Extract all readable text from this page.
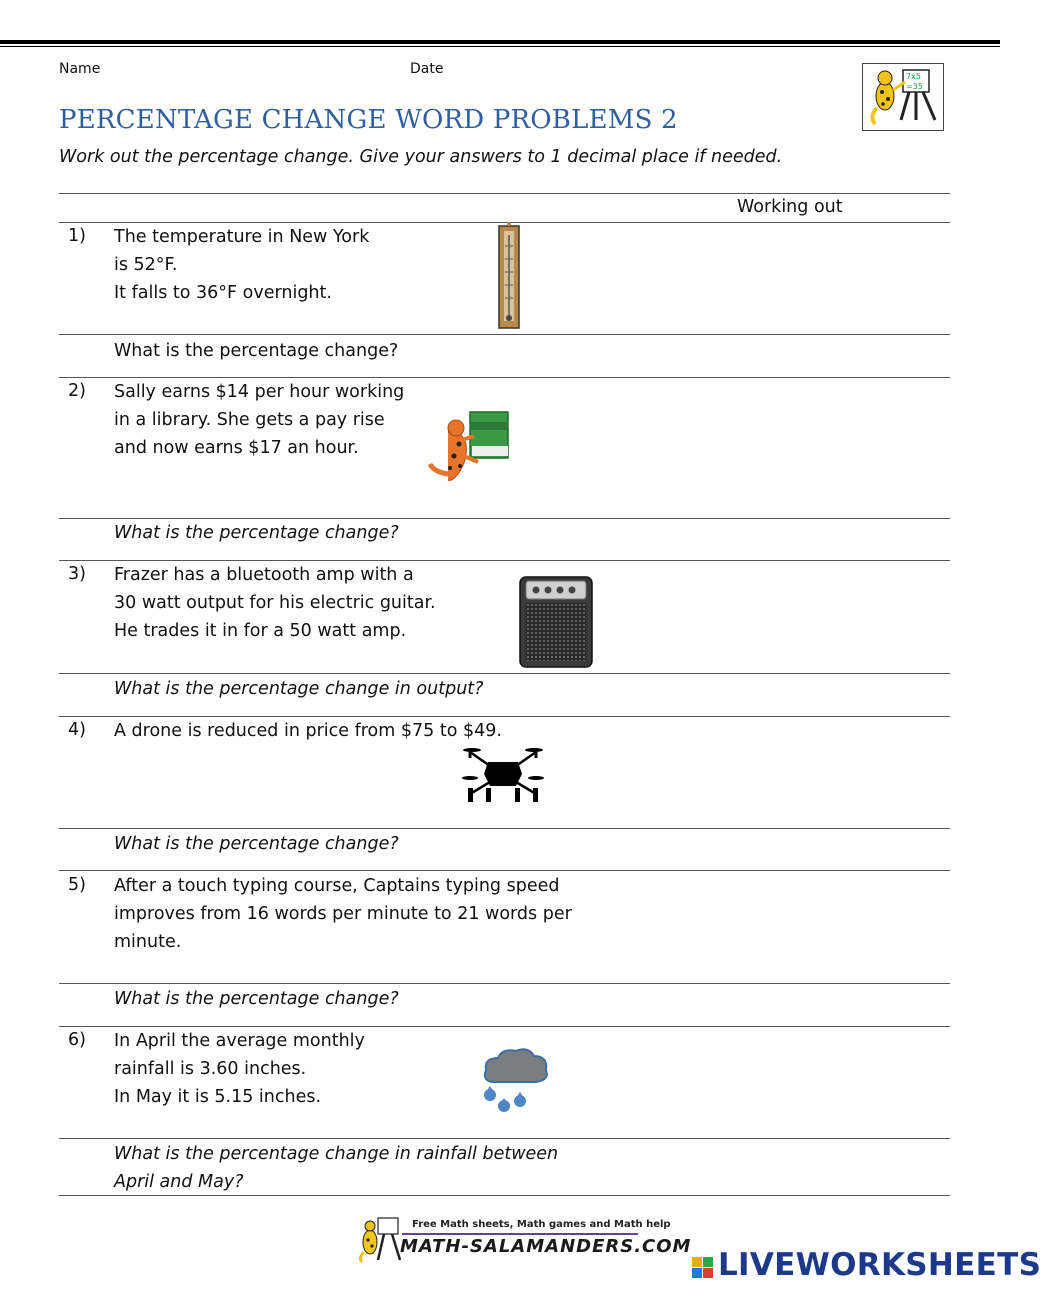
Name	Date	7x5
=35
PERCENTAGE CHANGE WORD PROBLEMS 2
Work out the percentage change. Give your answers to 1 decimal place if needed.
Working out
1) The temperature in New York
is 52°F.
It falls to 36°F overnight.
What is the percentage change?
2) Sally earns $14 per hour working
in a library. She gets a pay rise
and now earns $17 an hour.
What is the percentage change?
3) Frazer has a bluetooth amp with a
30 watt output for his electric guitar.
He trades it in for a 50 watt amp.
What is the percentage change in output?
4) A drone is reduced in price from $75 to $49.
What is the percentage change?
5) After a touch typing course, Captains typing speed
improves from 16 words per minute to 21 words per
minute.
What is the percentage change?
6) In April the average monthly
rainfall is 3.60 inches.
In May it is 5.15 inches.
What is the percentage change in rainfall between
April and May?
Free Math sheets, Math games and Math help
MATH-SALAMANDERS.COM
LIVEWORKSHEETS
